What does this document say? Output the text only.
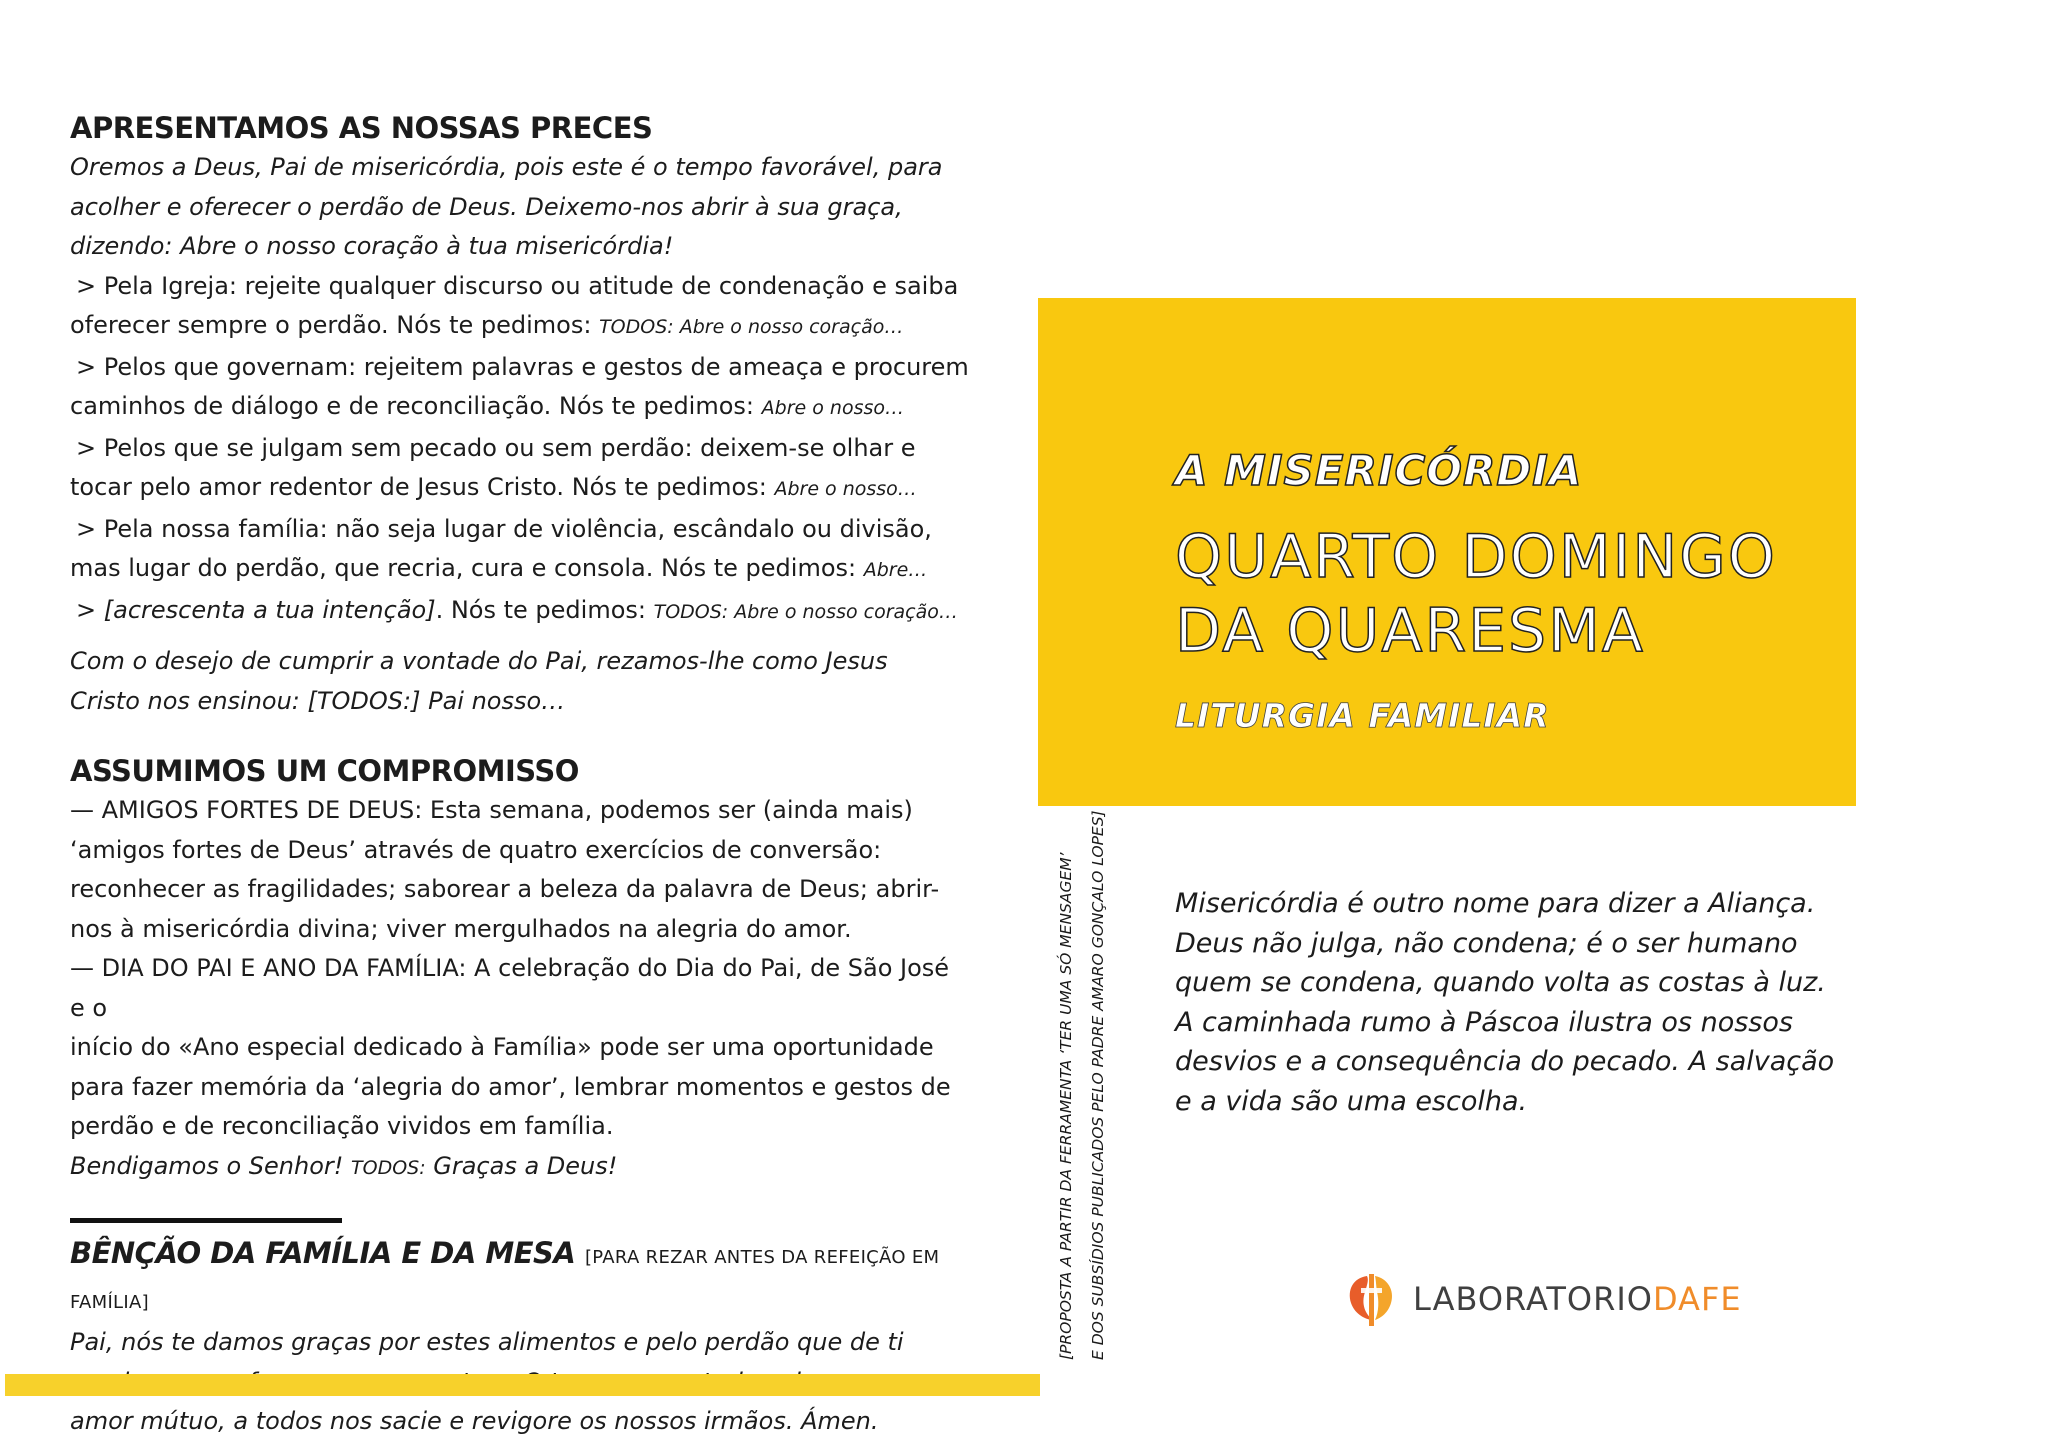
APRESENTAMOS AS NOSSAS PRECES

Oremos a Deus, Pai de misericórdia, pois este é o tempo favorável, para

acolher e oferecer o perdão de Deus. Deixemo-nos abrir à sua graça,

dizendo: Abre o nosso coração à tua misericórdia!

> Pela Igreja: rejeite qualquer discurso ou atitude de condenação e saiba

oferecer sempre o perdão. Nós te pedimos: TODOS: Abre o nosso coração…

> Pelos que governam: rejeitem palavras e gestos de ameaça e procurem

caminhos de diálogo e de reconciliação. Nós te pedimos: Abre o nosso…

> Pelos que se julgam sem pecado ou sem perdão: deixem-se olhar e

tocar pelo amor redentor de Jesus Cristo. Nós te pedimos: Abre o nosso…

> Pela nossa família: não seja lugar de violência, escândalo ou divisão,

mas lugar do perdão, que recria, cura e consola. Nós te pedimos: Abre…

> [acrescenta a tua intenção]. Nós te pedimos: TODOS: Abre o nosso coração…

Com o desejo de cumprir a vontade do Pai, rezamos-lhe como Jesus

Cristo nos ensinou: [TODOS:] Pai nosso…

ASSUMIMOS UM COMPROMISSO

— AMIGOS FORTES DE DEUS: Esta semana, podemos ser (ainda mais)

‘amigos fortes de Deus’ através de quatro exercícios de conversão:

reconhecer as fragilidades; saborear a beleza da palavra de Deus; abrir-

nos à misericórdia divina; viver mergulhados na alegria do amor.

— DIA DO PAI E ANO DA FAMÍLIA: A celebração do Dia do Pai, de São José e o

início do «Ano especial dedicado à Família» pode ser uma oportunidade

para fazer memória da ‘alegria do amor’, lembrar momentos e gestos de

perdão e de reconciliação vividos em família.

Bendigamos o Senhor! TODOS: Graças a Deus!

BÊNÇÃO DA FAMÍLIA E DA MESA [PARA REZAR ANTES DA REFEIÇÃO EM FAMÍLIA]

Pai, nós te damos graças por estes alimentos e pelo perdão que de ti

amor mútuo, a todos nos sacie e revigore os nossos irmãos. Ámen.

[PROPOSTA A PARTIR DA FERRAMENTA ‘TER UMA SÓ MENSAGEM’ E DOS SUBSÍDIOS PUBLICADOS PELO PADRE AMARO GONÇALO LOPES]
A MISERICÓRDIA
QUARTO DOMINGO
DA QUARESMA
LITURGIA FAMILIAR
Misericórdia é outro nome para dizer a Aliança.
Deus não julga, não condena; é o ser humano
quem se condena, quando volta as costas à luz.
A caminhada rumo à Páscoa ilustra os nossos
desvios e a consequência do pecado. A salvação
e a vida são uma escolha.
LABORATORIODAFE
